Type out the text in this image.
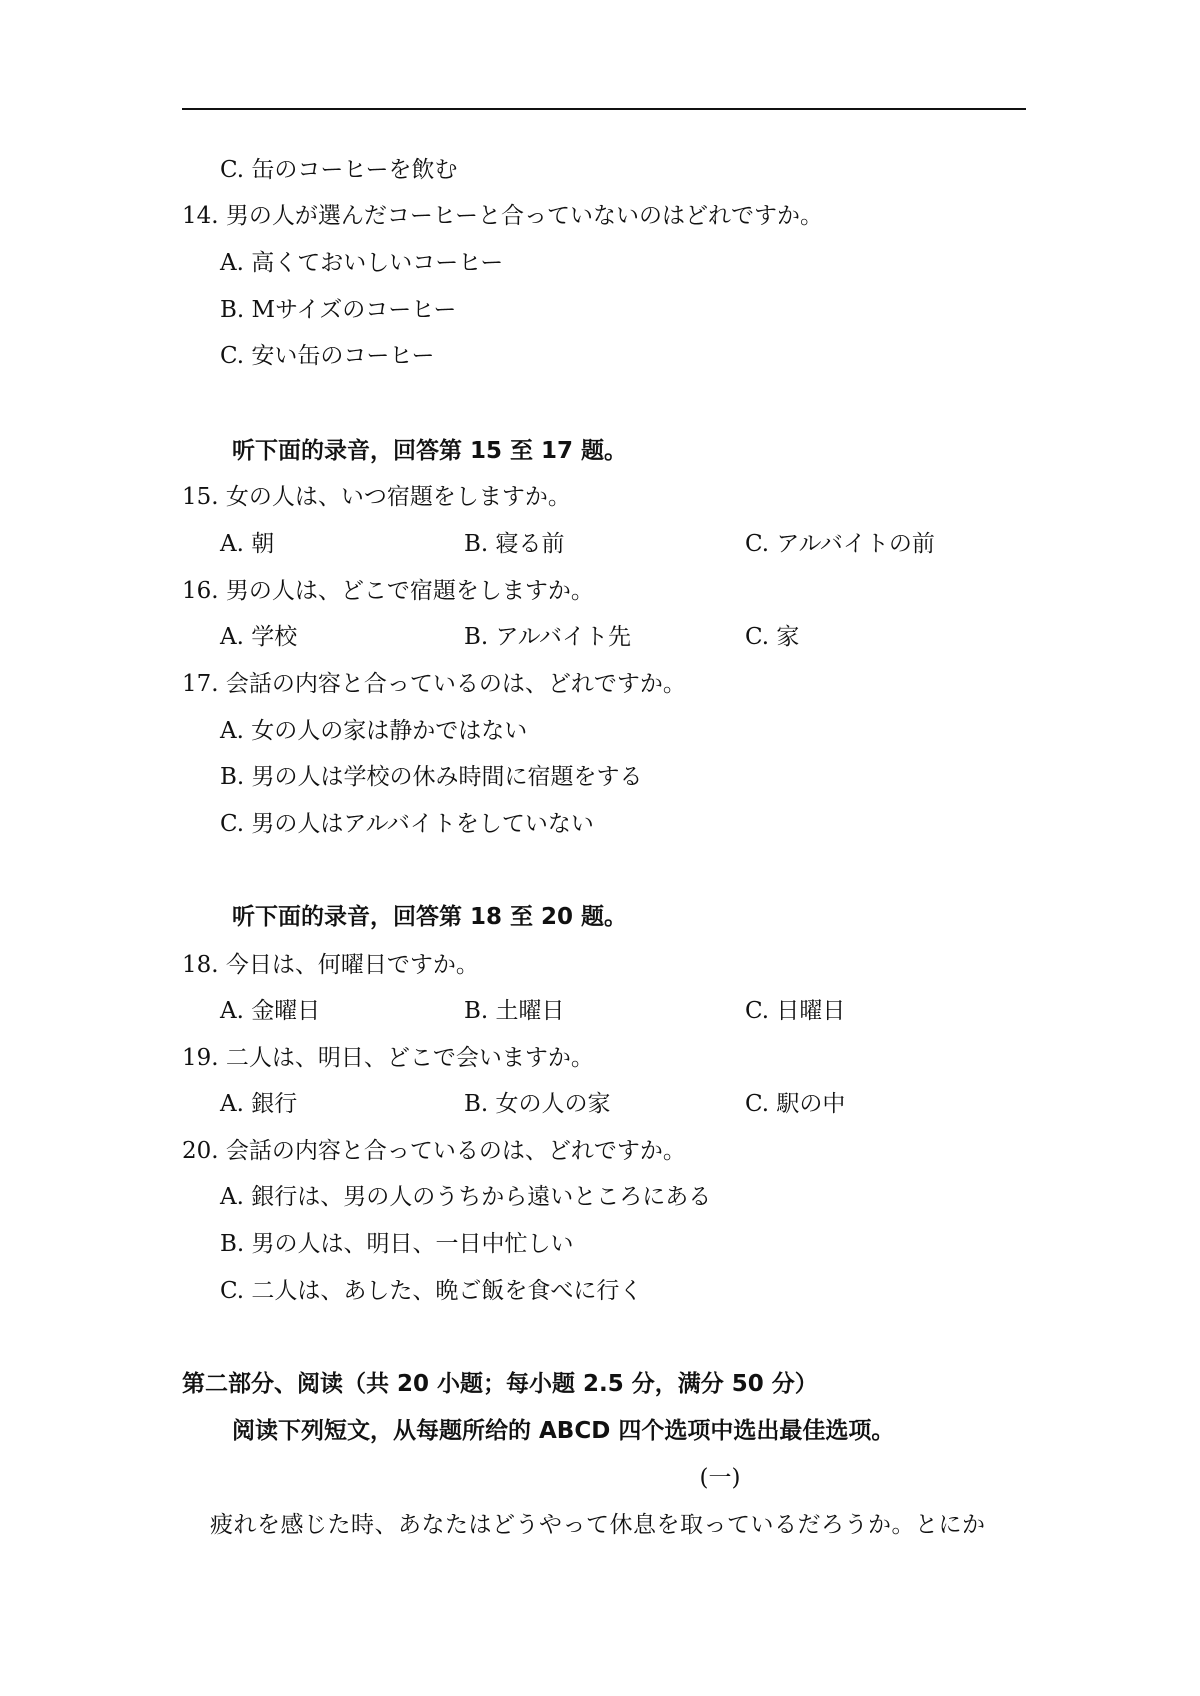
C. 缶のコーヒーを飲む
14. 男の人が選んだコーヒーと合っていないのはどれですか。
A. 高くておいしいコーヒー
B. Mサイズのコーヒー
C. 安い缶のコーヒー
听下面的录音，回答第 15 至 17 题。
15. 女の人は、いつ宿題をしますか。
A. 朝	B. 寝る前	C. アルバイトの前
16. 男の人は、どこで宿題をしますか。
A. 学校	B. アルバイト先	C. 家
17. 会話の内容と合っているのは、どれですか。
A. 女の人の家は静かではない
B. 男の人は学校の休み時間に宿題をする
C. 男の人はアルバイトをしていない
听下面的录音，回答第 18 至 20 题。
18. 今日は、何曜日ですか。
A. 金曜日	B. 土曜日	C. 日曜日
19. 二人は、明日、どこで会いますか。
A. 銀行	B. 女の人の家	C. 駅の中
20. 会話の内容と合っているのは、どれですか。
A. 銀行は、男の人のうちから遠いところにある
B. 男の人は、明日、一日中忙しい
C. 二人は、あした、晩ご飯を食べに行く
第二部分、阅读（共 20 小题；每小题 2.5 分，满分 50 分）
阅读下列短文，从每题所给的 ABCD 四个选项中选出最佳选项。
(一)
疲れを感じた時、あなたはどうやって休息を取っているだろうか。とにか
